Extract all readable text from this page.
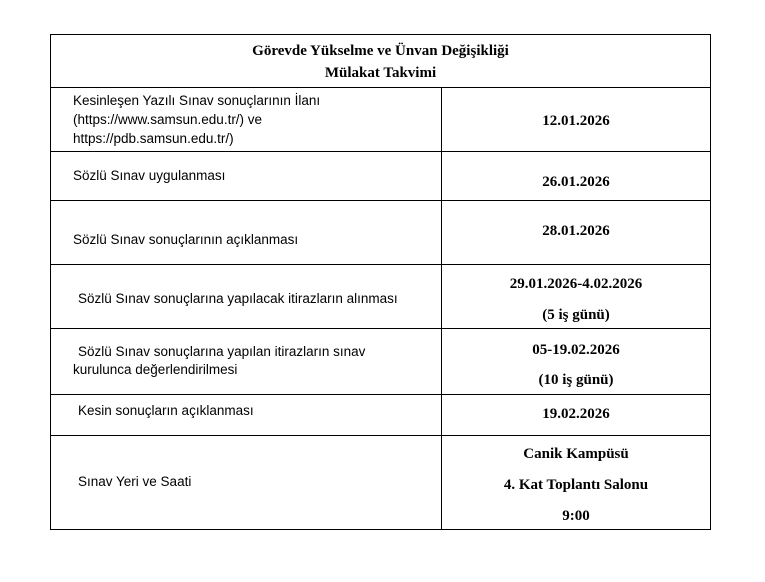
Görevde Yükselme ve Ünvan Değişikliği
Mülakat Takvimi
Kesinleşen Yazılı Sınav sonuçlarının İlanı
(https://www.samsun.edu.tr/) ve
https://pdb.samsun.edu.tr/)
12.01.2026
Sözlü Sınav uygulanması	26.01.2026
Sözlü Sınav sonuçlarının açıklanması
28.01.2026
Sözlü Sınav sonuçlarına yapılacak itirazların alınması
29.01.2026-4.02.2026
(5 iş günü)
Sözlü Sınav sonuçlarına yapılan itirazların sınav
kurulunca değerlendirilmesi
05-19.02.2026
(10 iş günü)
Kesin sonuçların açıklanması	19.02.2026
Sınav Yeri ve Saati
Canik Kampüsü
4. Kat Toplantı Salonu
9:00
